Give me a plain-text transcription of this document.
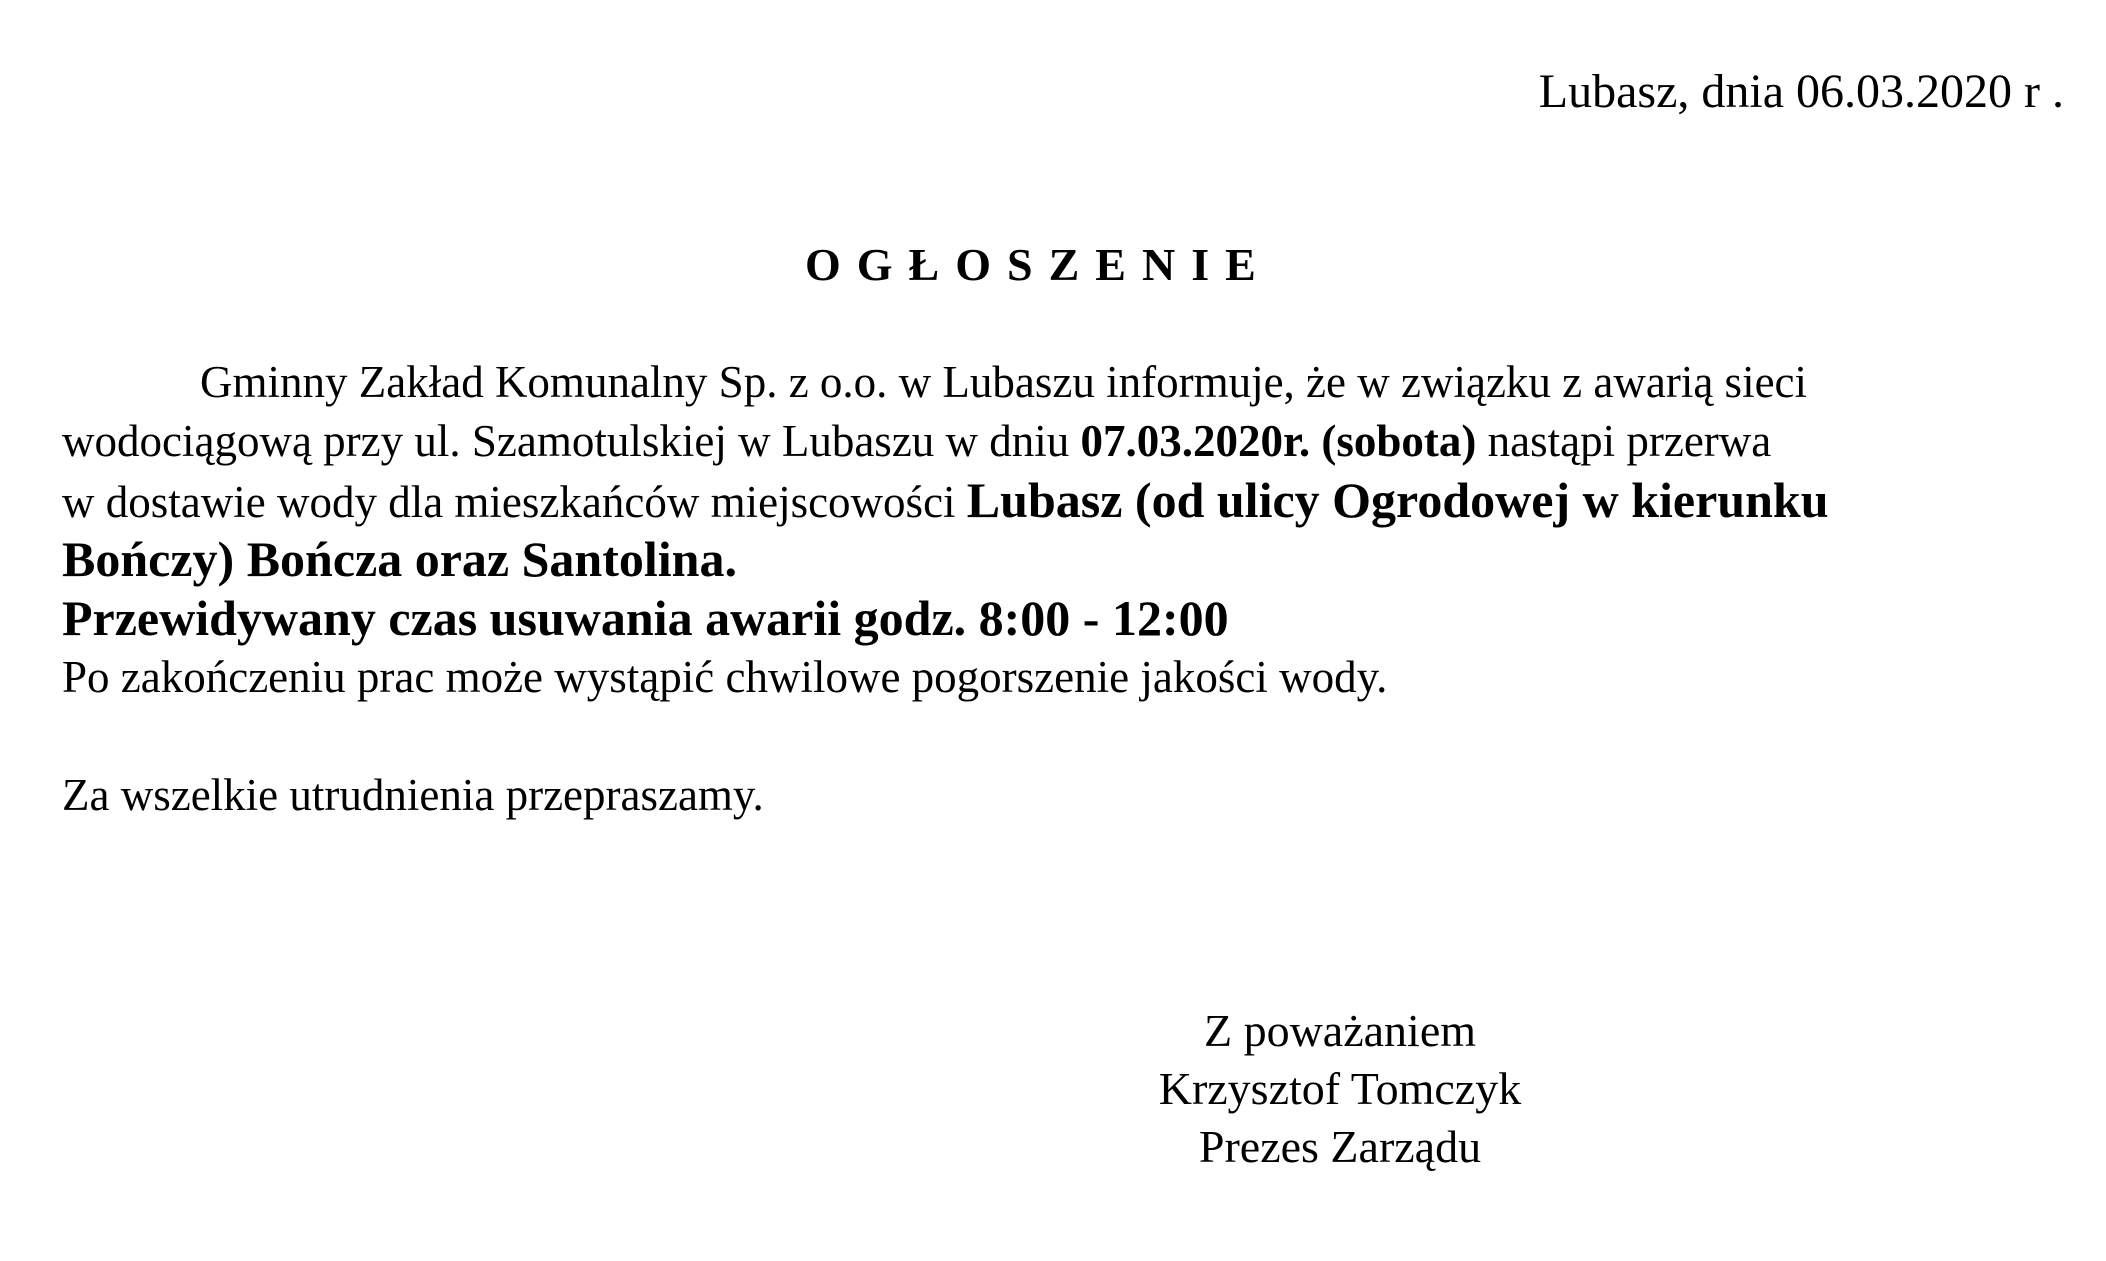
Lubasz, dnia 06.03.2020 r .
OGŁOSZENIE
Gminny Zakład Komunalny Sp. z o.o. w Lubaszu informuje, że w związku z awarią sieci
wodociągową przy ul. Szamotulskiej w Lubaszu w dniu 07.03.2020r. (sobota) nastąpi przerwa
w dostawie wody dla mieszkańców miejscowości Lubasz (od ulicy Ogrodowej w kierunku
Bończy) Bończa oraz Santolina.
Przewidywany czas usuwania awarii godz. 8:00 - 12:00
Po zakończeniu prac może wystąpić chwilowe pogorszenie jakości wody.
Za wszelkie utrudnienia przepraszamy.
Z poważaniem
Krzysztof Tomczyk
Prezes Zarządu
